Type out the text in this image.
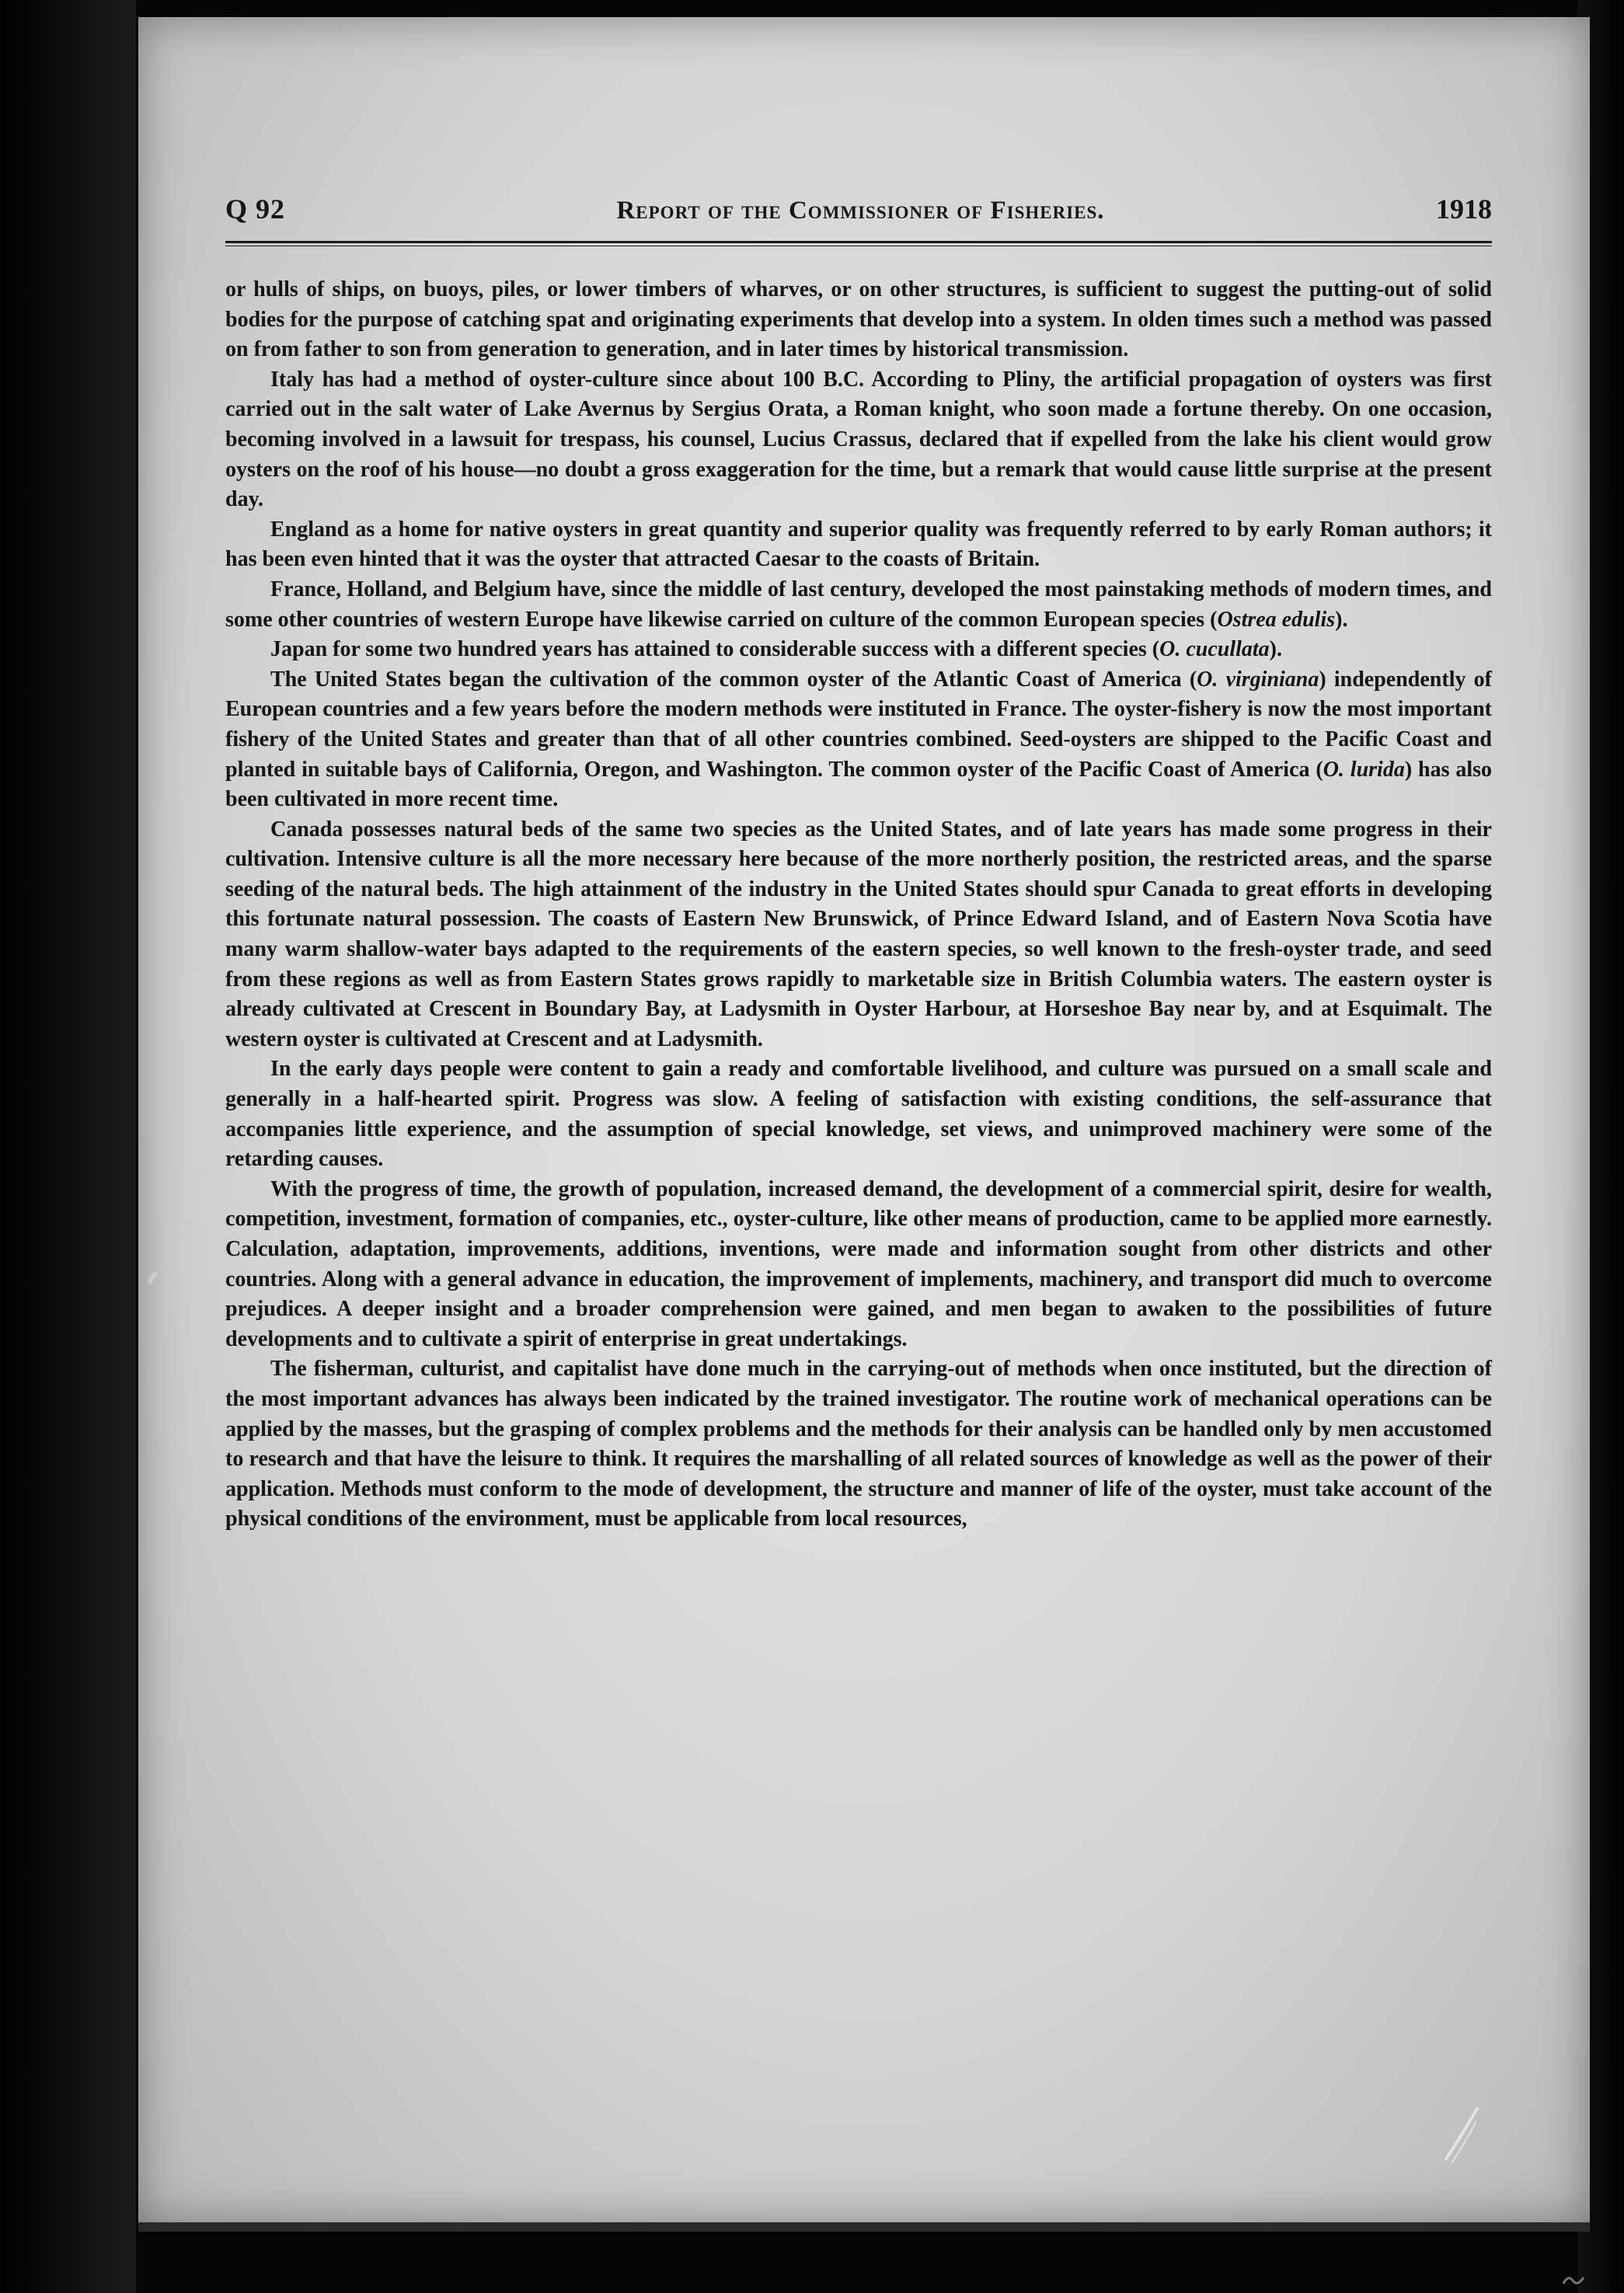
Q 92	Report of the Commissioner of Fisheries.	1918

or hulls of ships, on buoys, piles, or lower timbers of wharves, or on other structures, is sufficient to suggest the putting-out of solid bodies for the purpose of catching spat and originating experiments that develop into a system. In olden times such a method was passed on from father to son from generation to generation, and in later times by historical transmission.

Italy has had a method of oyster-culture since about 100 B.C. According to Pliny, the artificial propagation of oysters was first carried out in the salt water of Lake Avernus by Sergius Orata, a Roman knight, who soon made a fortune thereby. On one occasion, becoming involved in a lawsuit for trespass, his counsel, Lucius Crassus, declared that if expelled from the lake his client would grow oysters on the roof of his house—no doubt a gross exaggeration for the time, but a remark that would cause little surprise at the present day.

England as a home for native oysters in great quantity and superior quality was frequently referred to by early Roman authors; it has been even hinted that it was the oyster that attracted Caesar to the coasts of Britain.

France, Holland, and Belgium have, since the middle of last century, developed the most painstaking methods of modern times, and some other countries of western Europe have likewise carried on culture of the common European species (Ostrea edulis).

Japan for some two hundred years has attained to considerable success with a different species (O. cucullata).

The United States began the cultivation of the common oyster of the Atlantic Coast of America (O. virginiana) independently of European countries and a few years before the modern methods were instituted in France. The oyster-fishery is now the most important fishery of the United States and greater than that of all other countries combined. Seed-oysters are shipped to the Pacific Coast and planted in suitable bays of California, Oregon, and Washington. The common oyster of the Pacific Coast of America (O. lurida) has also been cultivated in more recent time.

Canada possesses natural beds of the same two species as the United States, and of late years has made some progress in their cultivation. Intensive culture is all the more necessary here because of the more northerly position, the restricted areas, and the sparse seeding of the natural beds. The high attainment of the industry in the United States should spur Canada to great efforts in developing this fortunate natural possession. The coasts of Eastern New Brunswick, of Prince Edward Island, and of Eastern Nova Scotia have many warm shallow-water bays adapted to the requirements of the eastern species, so well known to the fresh-oyster trade, and seed from these regions as well as from Eastern States grows rapidly to marketable size in British Columbia waters. The eastern oyster is already cultivated at Crescent in Boundary Bay, at Ladysmith in Oyster Harbour, at Horseshoe Bay near by, and at Esquimalt. The western oyster is cultivated at Crescent and at Ladysmith.

In the early days people were content to gain a ready and comfortable livelihood, and culture was pursued on a small scale and generally in a half-hearted spirit. Progress was slow. A feeling of satisfaction with existing conditions, the self-assurance that accompanies little experience, and the assumption of special knowledge, set views, and unimproved machinery were some of the retarding causes.

With the progress of time, the growth of population, increased demand, the development of a commercial spirit, desire for wealth, competition, investment, formation of companies, etc., oyster-culture, like other means of production, came to be applied more earnestly. Calculation, adaptation, improvements, additions, inventions, were made and information sought from other districts and other countries. Along with a general advance in education, the improvement of implements, machinery, and transport did much to overcome prejudices. A deeper insight and a broader comprehension were gained, and men began to awaken to the possibilities of future developments and to cultivate a spirit of enterprise in great undertakings.

The fisherman, culturist, and capitalist have done much in the carrying-out of methods when once instituted, but the direction of the most important advances has always been indicated by the trained investigator. The routine work of mechanical operations can be applied by the masses, but the grasping of complex problems and the methods for their analysis can be handled only by men accustomed to research and that have the leisure to think. It requires the marshalling of all related sources of knowledge as well as the power of their application. Methods must conform to the mode of development, the structure and manner of life of the oyster, must take account of the physical conditions of the environment, must be applicable from local resources,
